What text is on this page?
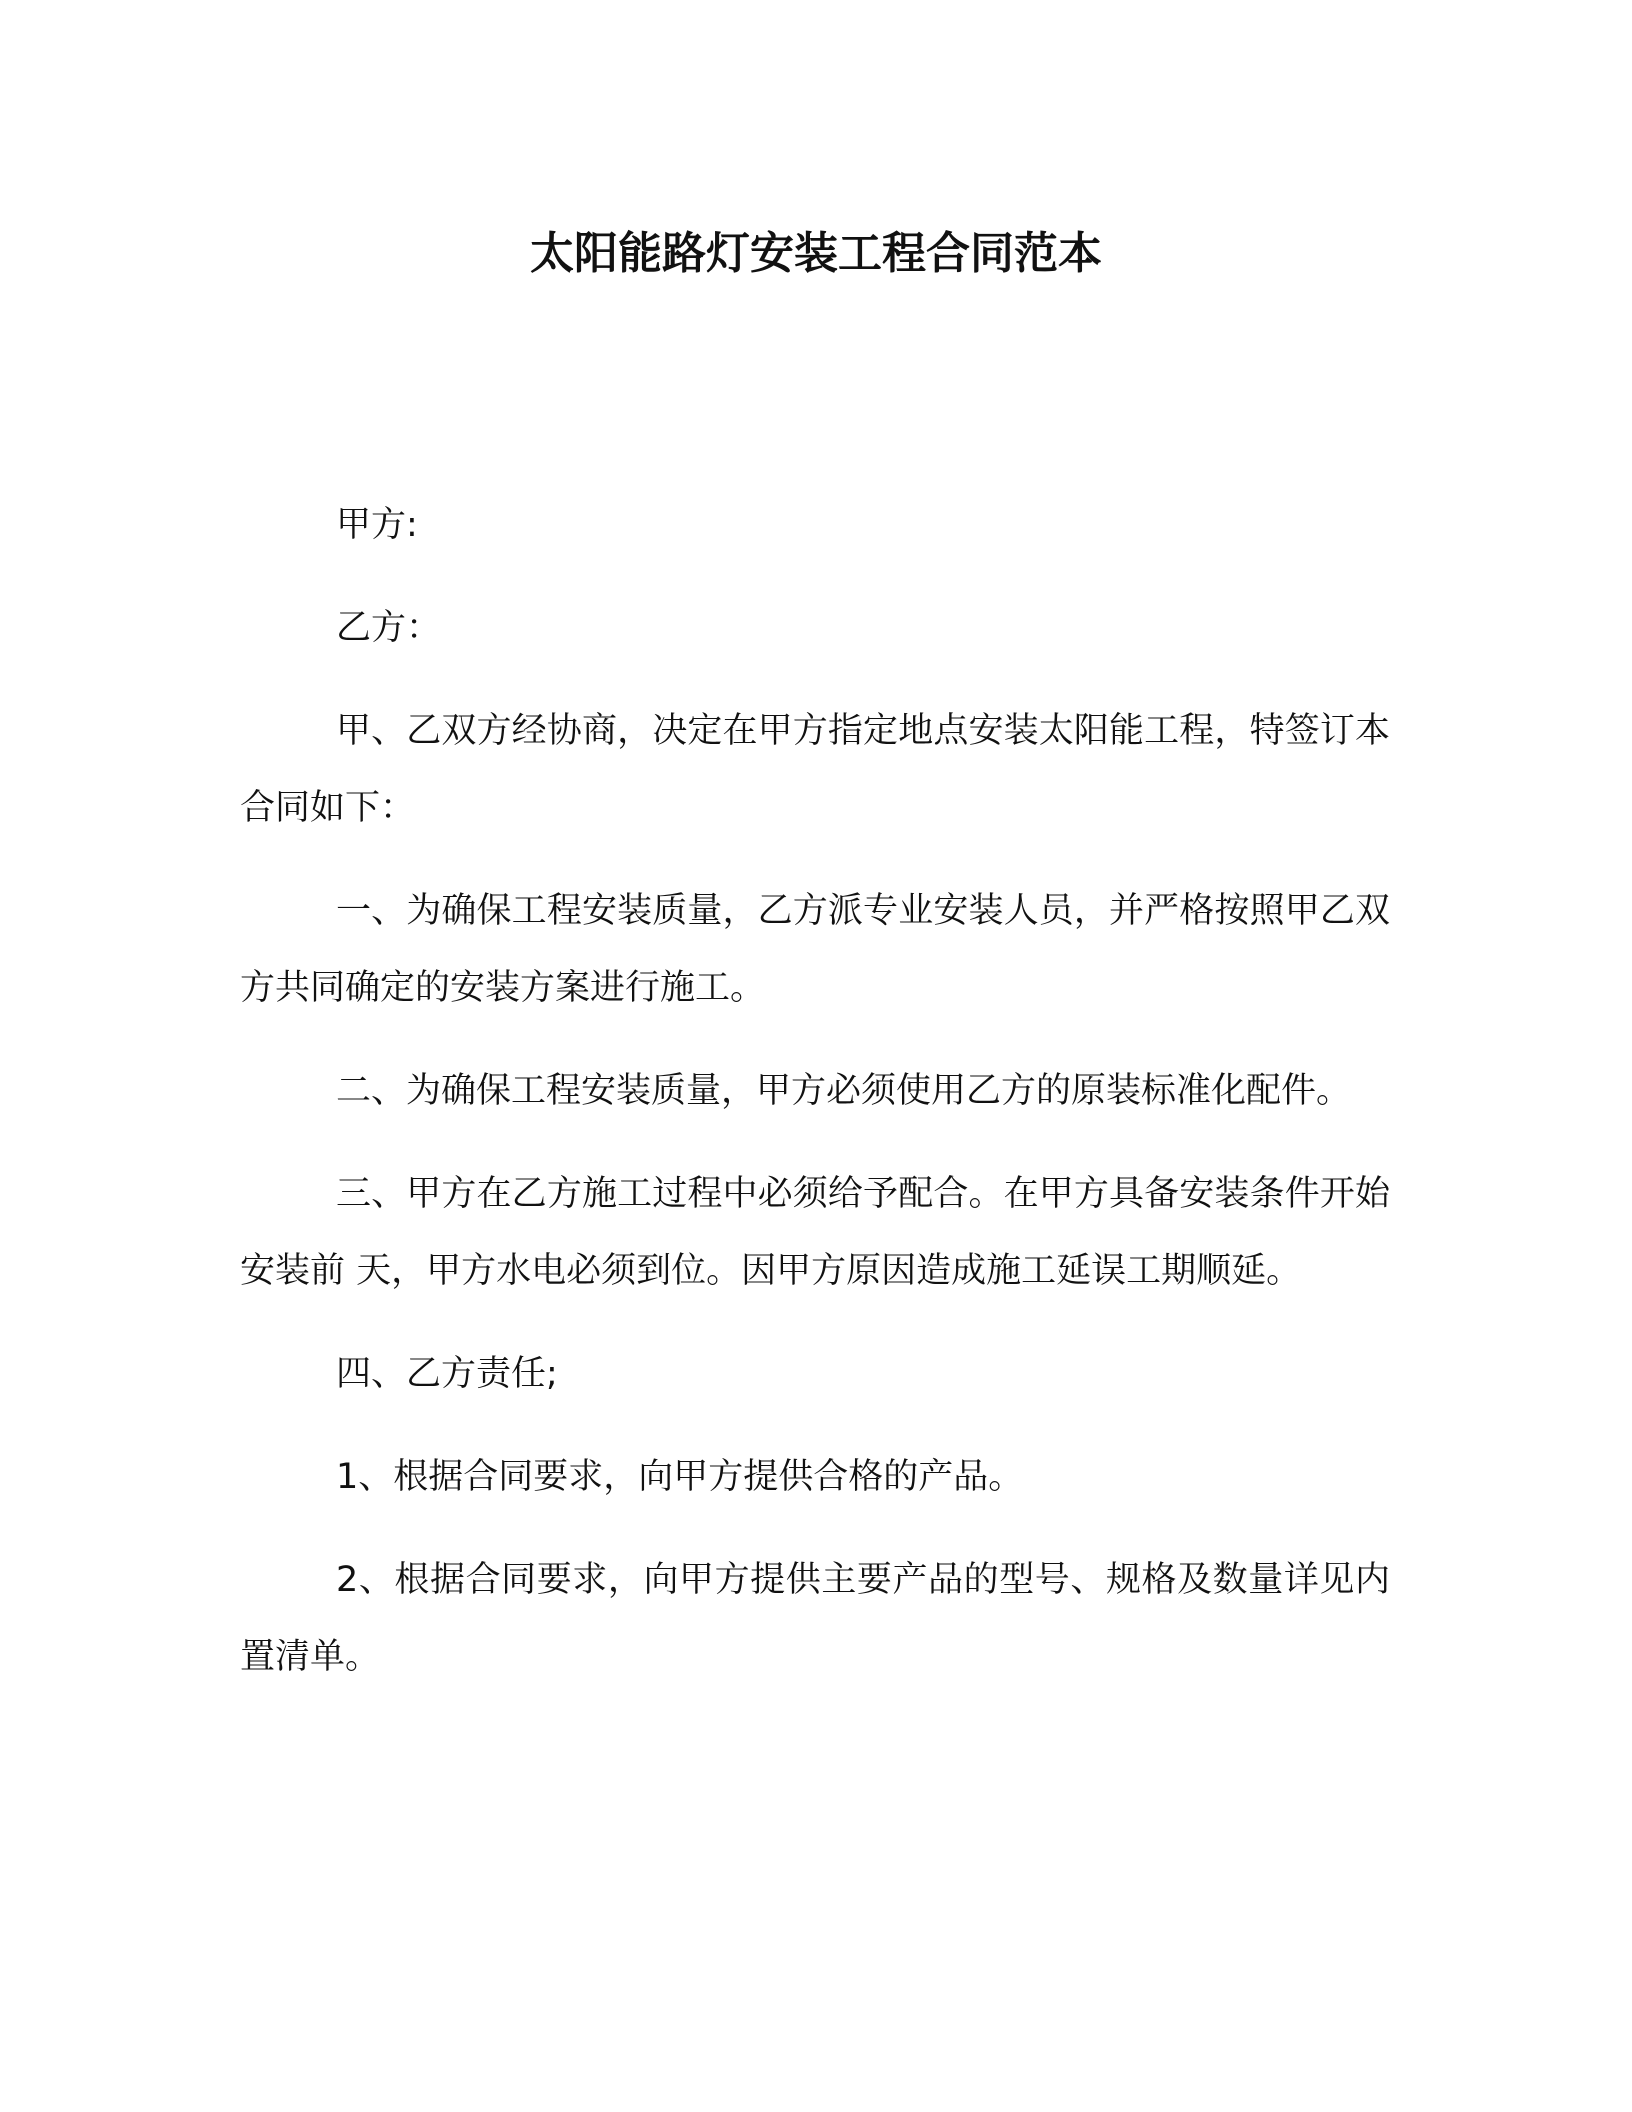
太阳能路灯安装工程合同范本

甲方:

乙方：

甲、乙双方经协商，决定在甲方指定地点安装太阳能工程，特签订本合同如下：

一、为确保工程安装质量，乙方派专业安装人员，并严格按照甲乙双方共同确定的安装方案进行施工。

二、为确保工程安装质量，甲方必须使用乙方的原装标准化配件。

三、甲方在乙方施工过程中必须给予配合。在甲方具备安装条件开始安装前 天，甲方水电必须到位。因甲方原因造成施工延误工期顺延。

四、乙方责任;

1、根据合同要求，向甲方提供合格的产品。

2、根据合同要求，向甲方提供主要产品的型号、规格及数量详见内置清单。
